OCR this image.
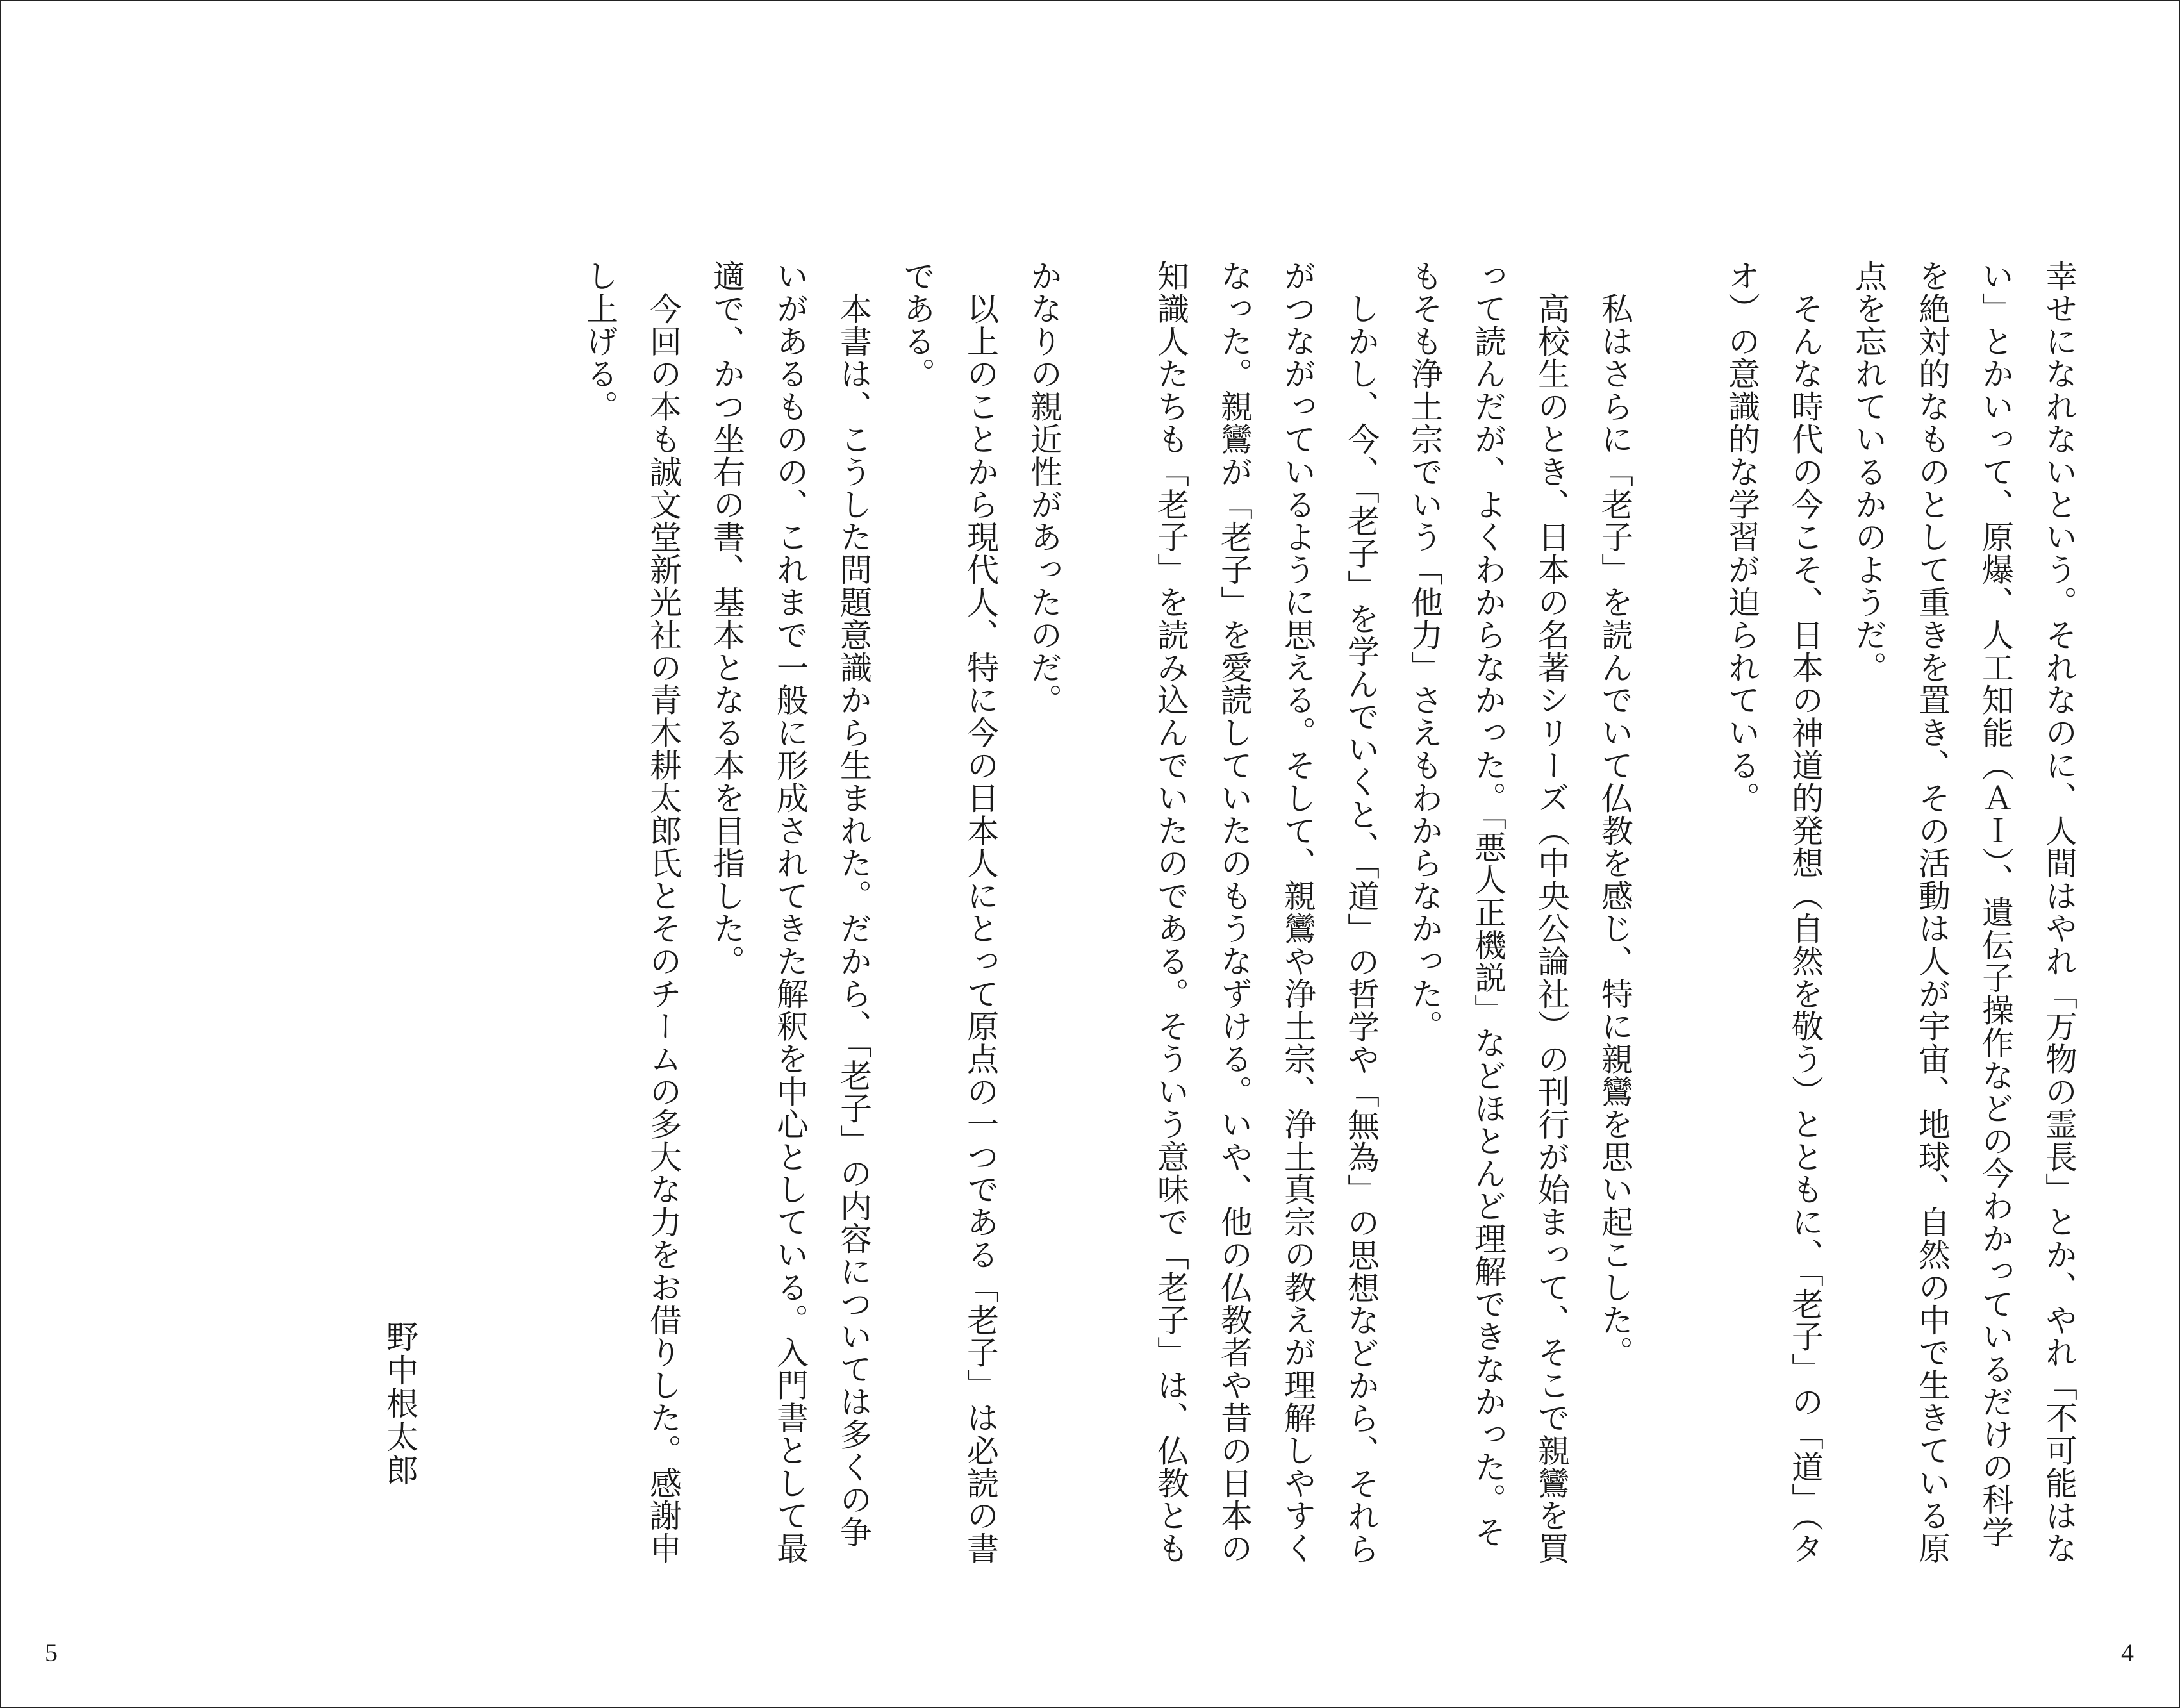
幸せになれないという。それなのに、人間はやれ「万物の霊長」とか、やれ「不可能はな
い」とかいって、原爆、人工知能（ＡＩ）、遺伝子操作などの今わかっているだけの科学
を絶対的なものとして重きを置き、その活動は人が宇宙、地球、自然の中で生きている原
点を忘れているかのようだ。
　そんな時代の今こそ、日本の神道的発想（自然を敬う）とともに、「老子」の「道」（タ
オ）の意識的な学習が迫られている。
　私はさらに「老子」を読んでいて仏教を感じ、特に親鸞を思い起こした。
　高校生のとき、日本の名著シリーズ（中央公論社）の刊行が始まって、そこで親鸞を買
って読んだが、よくわからなかった。「悪人正機説」などほとんど理解できなかった。そ
もそも浄土宗でいう「他力」さえもわからなかった。
　しかし、今、「老子」を学んでいくと、「道」の哲学や「無為」の思想などから、それら
がつながっているように思える。そして、親鸞や浄土宗、浄土真宗の教えが理解しやすく
なった。親鸞が「老子」を愛読していたのもうなずける。いや、他の仏教者や昔の日本の
知識人たちも「老子」を読み込んでいたのである。そういう意味で「老子」は、仏教とも
かなりの親近性があったのだ。
　以上のことから現代人、特に今の日本人にとって原点の一つである「老子」は必読の書
である。
　本書は、こうした問題意識から生まれた。だから、「老子」の内容については多くの争
いがあるものの、これまで一般に形成されてきた解釈を中心としている。入門書として最
適で、かつ坐右の書、基本となる本を目指した。
　今回の本も誠文堂新光社の青木耕太郎氏とそのチームの多大な力をお借りした。感謝申
し上げる。
野中根太郎
5	4
